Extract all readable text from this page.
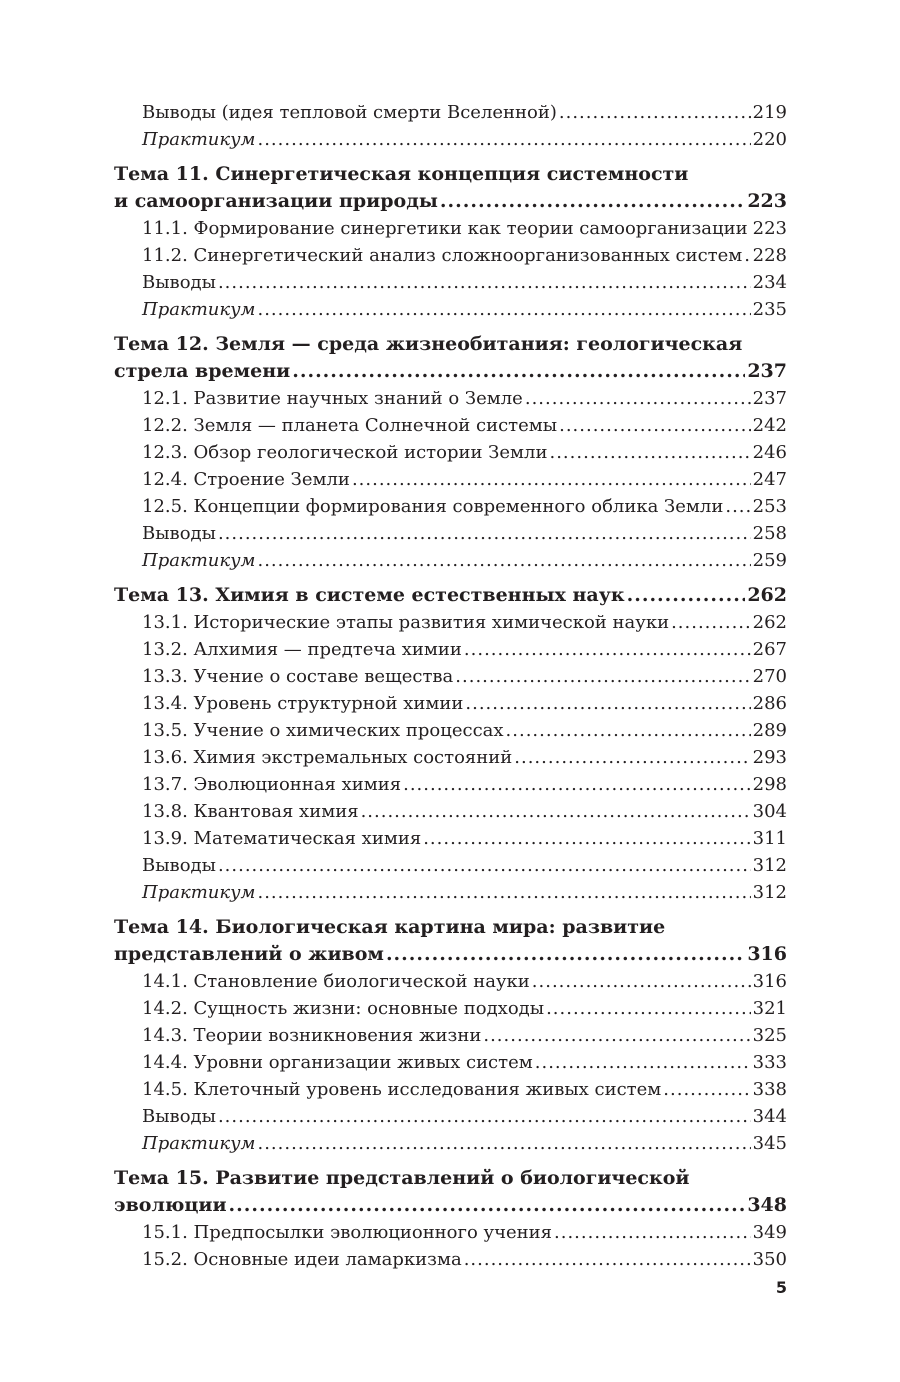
Выводы (идея тепловой смерти Вселенной) .....	219
Практикум .....	220
Тема 11. Синергетическая концепция системности
и самоорганизации природы .....	223
11.1. Формирование синергетики как теории самоорганизации ..... 223
11.2. Синергетический анализ сложноорганизованных систем ..... 228
Выводы .....	234
Практикум .....	235
Тема 12. Земля — среда жизнеобитания: геологическая
стрела времени .....	237
12.1. Развитие научных знаний о Земле .....	237
12.2. Земля — планета Солнечной системы .....	242
12.3. Обзор геологической истории Земли .....	246
12.4. Строение Земли .....	247
12.5. Концепции формирования современного облика Земли ..... 253
Выводы .....	258
Практикум .....	259
Тема 13. Химия в системе естественных наук .....	262
13.1. Исторические этапы развития химической науки .....	262
13.2. Алхимия — предтеча химии .....	267
13.3. Учение о составе вещества .....	270
13.4. Уровень структурной химии .....	286
13.5. Учение о химических процессах .....	289
13.6. Химия экстремальных состояний .....	293
13.7. Эволюционная химия .....	298
13.8. Квантовая химия .....	304
13.9. Математическая химия .....	311
Выводы .....	312
Практикум .....	312
Тема 14. Биологическая картина мира: развитие
представлений о живом .....	316
14.1. Становление биологической науки .....	316
14.2. Сущность жизни: основные подходы .....	321
14.3. Теории возникновения жизни .....	325
14.4. Уровни организации живых систем .....	333
14.5. Клеточный уровень исследования живых систем .....	338
Выводы .....	344
Практикум .....	345
Тема 15. Развитие представлений о биологической
эволюции .....	348
15.1. Предпосылки эволюционного учения .....	349
15.2. Основные идеи ламаркизма .....	350
5
